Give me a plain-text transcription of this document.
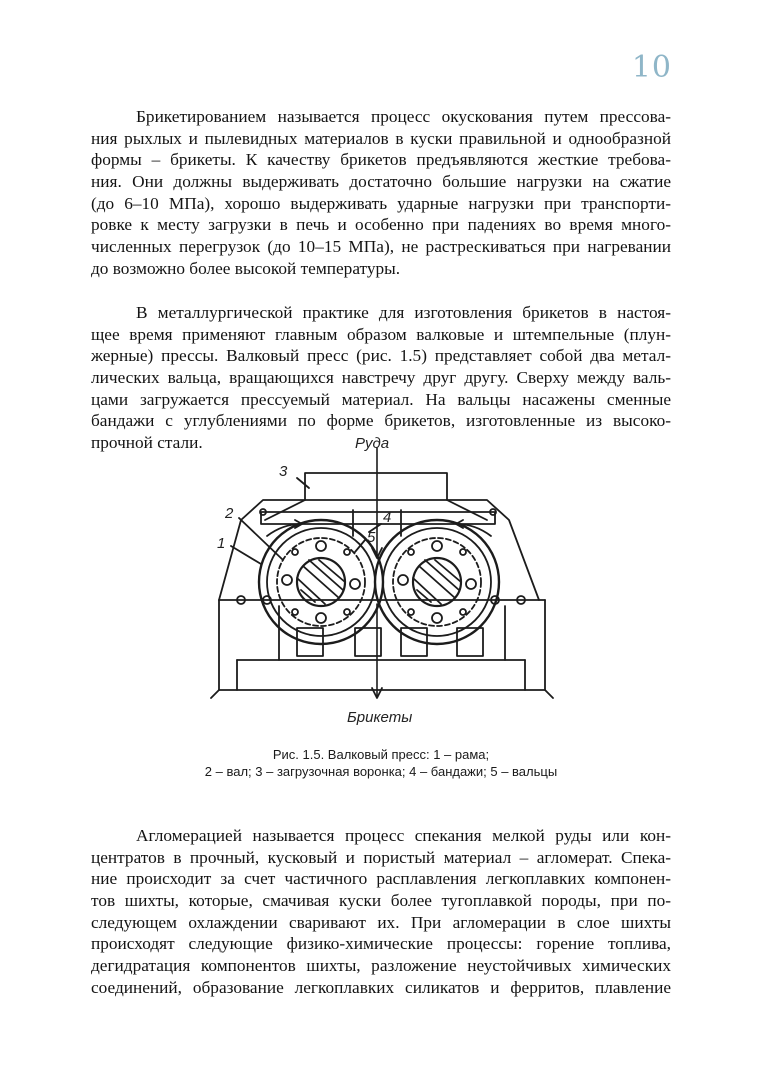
10
Брикетированием называется процесс окускования путем прессова-
ния рыхлых и пылевидных материалов в куски правильной и однообразной
формы – брикеты. К качеству брикетов предъявляются жесткие требова-
ния. Они должны выдерживать достаточно большие нагрузки на сжатие
(до 6–10 МПа), хорошо выдерживать ударные нагрузки при транспорти-
ровке к месту загрузки в печь и особенно при падениях во время много-
численных перегрузок (до 10–15 МПа), не растрескиваться при нагревании
до возможно более высокой температуры.
В металлургической практике для изготовления брикетов в настоя-
щее время применяют главным образом валковые и штемпельные (плун-
жерные) прессы. Валковый пресс (рис. 1.5) представляет собой два метал-
лических вальца, вращающихся навстречу друг другу. Сверху между валь-
цами загружается прессуемый материал. На вальцы насажены сменные
бандажи с углублениями по форме брикетов, изготовленные из высоко-
прочной стали.	Руда
Брикеты
3
2
1
4
5
Рис. 1.5. Валковый пресс: 1 – рама;
2 – вал; 3 – загрузочная воронка; 4 – бандажи; 5 – вальцы
Агломерацией называется процесс спекания мелкой руды или кон-
центратов в прочный, кусковый и пористый материал – агломерат. Спека-
ние происходит за счет частичного расплавления легкоплавких компонен-
тов шихты, которые, смачивая куски более тугоплавкой породы, при по-
следующем охлаждении сваривают их. При агломерации в слое шихты
происходят следующие физико-химические процессы: горение топлива,
дегидратация компонентов шихты, разложение неустойчивых химических
соединений, образование легкоплавких силикатов и ферритов, плавление
